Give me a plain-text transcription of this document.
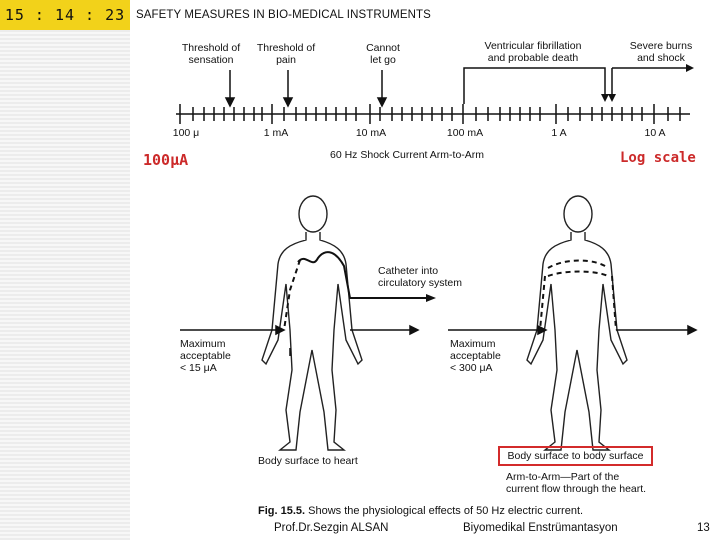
15 : 14 : 23 SAFETY MEASURES IN BIO-MEDICAL INSTRUMENTS
Threshold of
sensation
Threshold of
pain
Cannot
let go
Ventricular fibrillation
and probable death
Severe burns
and shock
100 μ	1 mA	10 mA	100 mA	1 A	10 A
60 Hz Shock Current Arm-to-Arm
100μA	Log scale
Catheter into
circulatory system
Maximum
acceptable
< 15 μA
Body surface to heart
Maximum
acceptable
< 300 μA
Body surface to body surface
Arm-to-Arm—Part of the
current flow through the heart.
Fig. 15.5. Shows the physiological effects of 50 Hz electric current.
Prof.Dr.Sezgin ALSAN	Biyomedikal Enstrümantasyon	13
